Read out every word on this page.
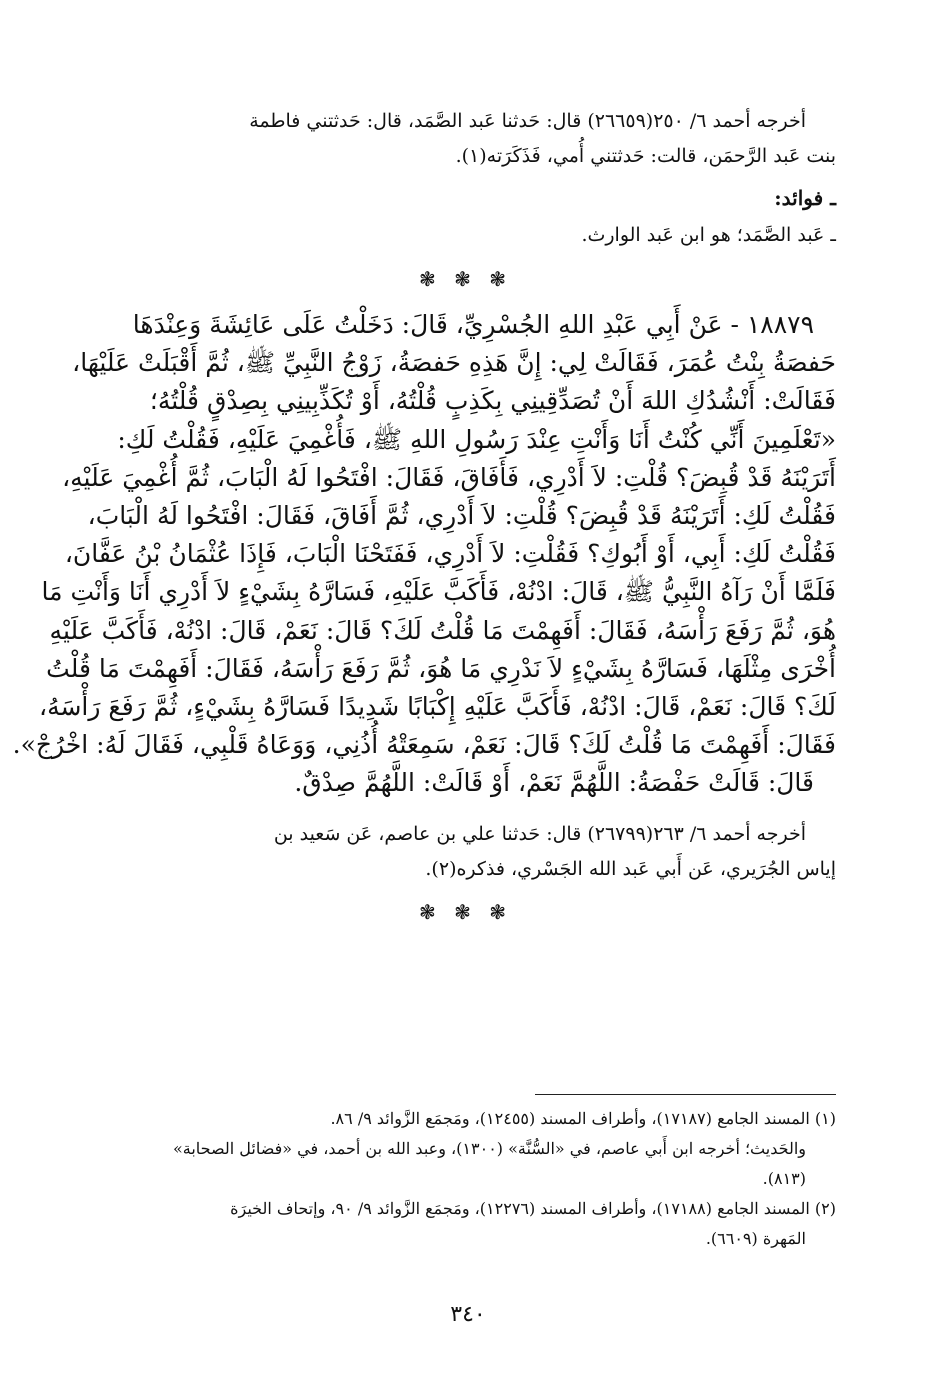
أخرجه أحمد ٦/ ٢٥٠(٢٦٦٥٩) قال: حَدثنا عَبد الصَّمَد، قال: حَدثتني فاطمة
بنت عَبد الرَّحمَن، قالت: حَدثتني أُمي، فَذَكَرَته(١).
ـ فوائد:
ـ عَبد الصَّمَد؛ هو ابن عَبد الوارث.
❃ ❃ ❃
١٨٨٧٩ - عَنْ أَبِي عَبْدِ اللهِ الجُسْرِيِّ، قَالَ: دَخَلْتُ عَلَى عَائِشَةَ وَعِنْدَهَا
حَفصَةُ بِنْتُ عُمَرَ، فَقَالَتْ لِي: إِنَّ هَذِهِ حَفصَةُ، زَوْجُ النَّبِيِّ ﷺ، ثُمَّ أَقْبَلَتْ عَلَيْهَا،
فَقَالَتْ: أَنْشُدُكِ اللهَ أَنْ تُصَدِّقِينِي بِكَذِبٍ قُلْتُهُ، أَوْ تُكَذِّبِينِي بِصِدْقٍ قُلْتُهُ؛
«تَعْلَمِينَ أَنِّي كُنْتُ أَنَا وَأَنْتِ عِنْدَ رَسُولِ اللهِ ﷺ، فَأُغْمِيَ عَلَيْهِ، فَقُلْتُ لَكِ:
أَتَرَيْنَهُ قَدْ قُبِضَ؟ قُلْتِ: لاَ أَدْرِي، فَأَفَاقَ، فَقَالَ: افْتَحُوا لَهُ الْبَابَ، ثُمَّ أُغْمِيَ عَلَيْهِ،
فَقُلْتُ لَكِ: أَتَرَيْنَهُ قَدْ قُبِضَ؟ قُلْتِ: لاَ أَدْرِي، ثُمَّ أَفَاقَ، فَقَالَ: افْتَحُوا لَهُ الْبَابَ،
فَقُلْتُ لَكِ: أَبِي، أَوْ أَبُوكِ؟ فَقُلْتِ: لاَ أَدْرِي، فَفَتَحْنَا الْبَابَ، فَإِذَا عُثْمَانُ بْنُ عَفَّانَ،
فَلَمَّا أَنْ رَآهُ النَّبِيُّ ﷺ، قَالَ: ادْنُهْ، فَأَكَبَّ عَلَيْهِ، فَسَارَّهُ بِشَيْءٍ لاَ أَدْرِي أَنَا وَأَنْتِ مَا
هُوَ، ثُمَّ رَفَعَ رَأْسَهُ، فَقَالَ: أَفَهِمْتَ مَا قُلْتُ لَكَ؟ قَالَ: نَعَمْ، قَالَ: ادْنُهْ، فَأَكَبَّ عَلَيْهِ
أُخْرَى مِثْلَهَا، فَسَارَّهُ بِشَيْءٍ لاَ نَدْرِي مَا هُوَ، ثُمَّ رَفَعَ رَأْسَهُ، فَقَالَ: أَفَهِمْتَ مَا قُلْتُ
لَكَ؟ قَالَ: نَعَمْ، قَالَ: ادْنُهْ، فَأَكَبَّ عَلَيْهِ إِكْبَابًا شَدِيدًا فَسَارَّهُ بِشَيْءٍ، ثُمَّ رَفَعَ رَأْسَهُ،
فَقَالَ: أَفَهِمْتَ مَا قُلْتُ لَكَ؟ قَالَ: نَعَمْ، سَمِعَتْهُ أُذُنِي، وَوَعَاهُ قَلْبِي، فَقَالَ لَهُ: اخْرُجْ».
قَالَ: قَالَتْ حَفْصَةُ: اللَّهُمَّ نَعَمْ، أَوْ قَالَتْ: اللَّهُمَّ صِدْقٌ.
أخرجه أحمد ٦/ ٢٦٣(٢٦٧٩٩) قال: حَدثنا علي بن عاصم، عَن سَعيد بن
إياس الجُرَيري، عَن أَبي عَبد الله الجَسْري، فذكره(٢).
❃ ❃ ❃
(١) المسند الجامع (١٧١٨٧)، وأطراف المسند (١٢٤٥٥)، ومَجمَع الزَّوائد ٩/ ٨٦.
والحَديث؛ أخرجه ابن أَبي عاصم، في «السُّنَّة» (١٣٠٠)، وعبد الله بن أحمد، في «فضائل الصحابة»
(٨١٣).
(٢) المسند الجامع (١٧١٨٨)، وأطراف المسند (١٢٢٧٦)، ومَجمَع الزَّوائد ٩/ ٩٠، وإتحاف الخيرَة
المَهرة (٦٦٠٩).
٣٤٠
